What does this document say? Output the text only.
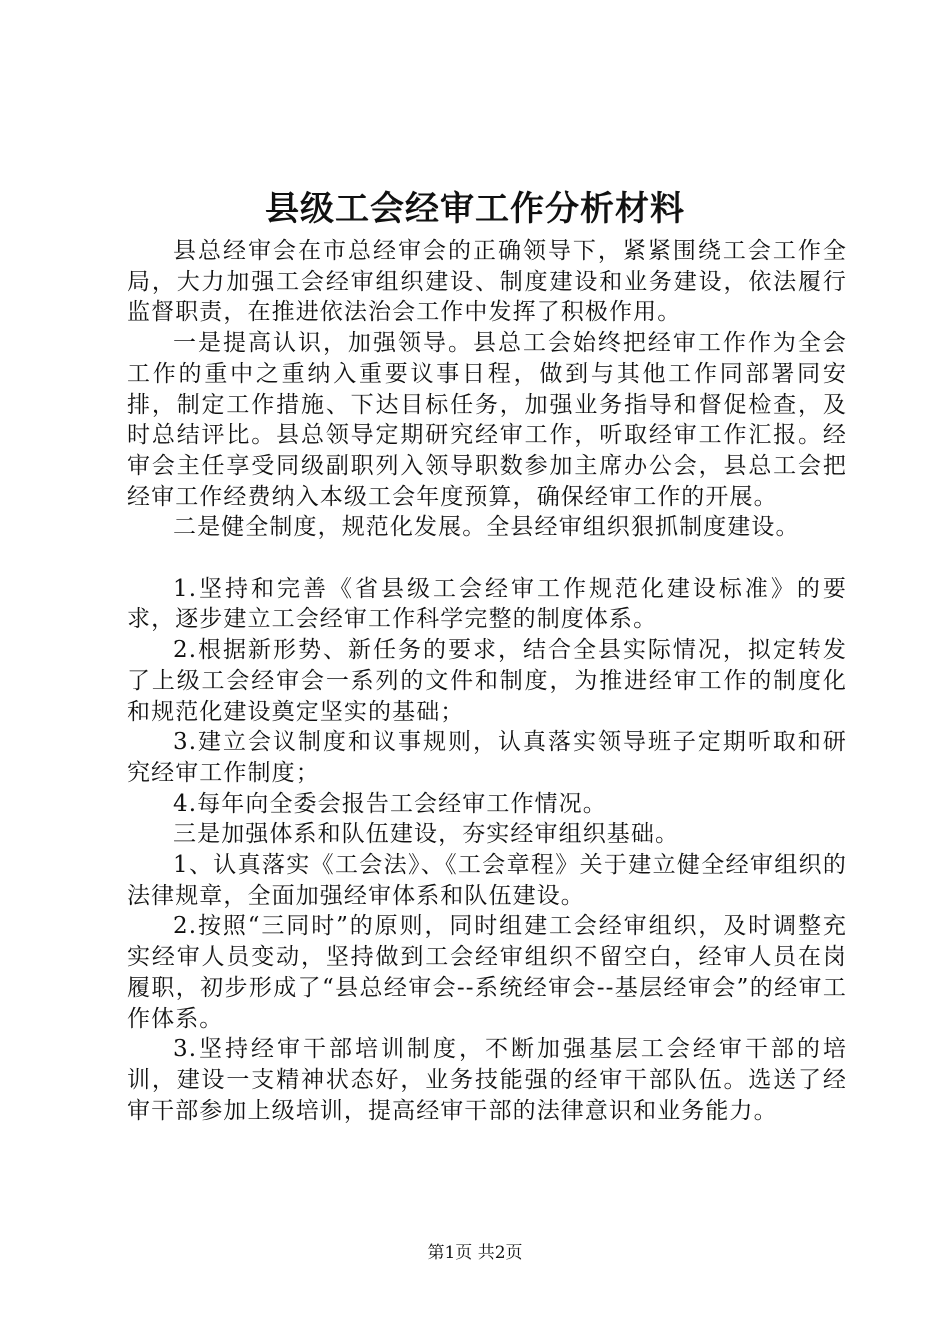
县级工会经审工作分析材料

县总经审会在市总经审会的正确领导下，紧紧围绕工会工作全局，大力加强工会经审组织建设、制度建设和业务建设，依法履行监督职责，在推进依法治会工作中发挥了积极作用。

一是提高认识，加强领导。县总工会始终把经审工作作为全会工作的重中之重纳入重要议事日程，做到与其他工作同部署同安排，制定工作措施、下达目标任务，加强业务指导和督促检查，及时总结评比。县总领导定期研究经审工作，听取经审工作汇报。经审会主任享受同级副职列入领导职数参加主席办公会，县总工会把经审工作经费纳入本级工会年度预算，确保经审工作的开展。

二是健全制度，规范化发展。全县经审组织狠抓制度建设。

1.坚持和完善《省县级工会经审工作规范化建设标准》的要求，逐步建立工会经审工作科学完整的制度体系。

2.根据新形势、新任务的要求，结合全县实际情况，拟定转发了上级工会经审会一系列的文件和制度，为推进经审工作的制度化和规范化建设奠定坚实的基础；

3.建立会议制度和议事规则，认真落实领导班子定期听取和研究经审工作制度；

4.每年向全委会报告工会经审工作情况。

三是加强体系和队伍建设，夯实经审组织基础。

1、认真落实《工会法》、《工会章程》关于建立健全经审组织的法律规章，全面加强经审体系和队伍建设。

2.按照“三同时”的原则，同时组建工会经审组织，及时调整充实经审人员变动，坚持做到工会经审组织不留空白，经审人员在岗履职，初步形成了“县总经审会--系统经审会--基层经审会”的经审工作体系。

3.坚持经审干部培训制度，不断加强基层工会经审干部的培训，建设一支精神状态好，业务技能强的经审干部队伍。选送了经审干部参加上级培训，提高经审干部的法律意识和业务能力。

第1页 共2页
